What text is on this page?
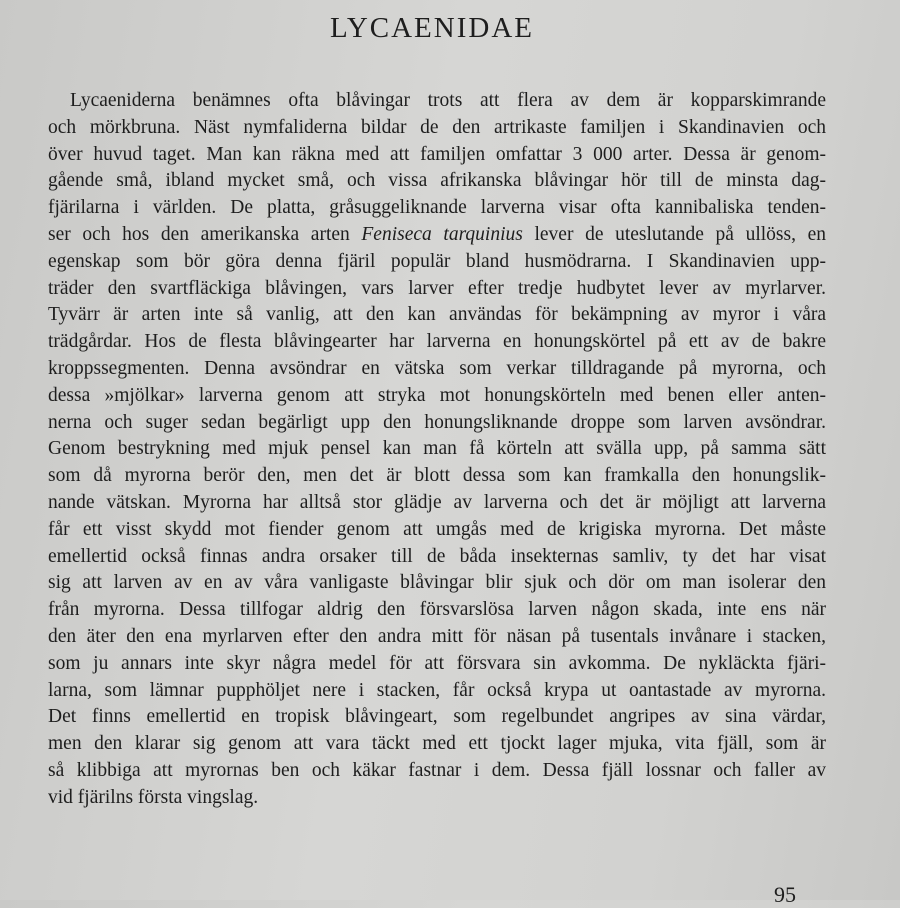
LYCAENIDAE
Lycaeniderna benämnes ofta blåvingar trots att flera av dem är kopparskimrande
och mörkbruna. Näst nymfaliderna bildar de den artrikaste familjen i Skandinavien och
över huvud taget. Man kan räkna med att familjen omfattar 3 000 arter. Dessa är genom-
gående små, ibland mycket små, och vissa afrikanska blåvingar hör till de minsta dag-
fjärilarna i världen. De platta, gråsuggeliknande larverna visar ofta kannibaliska tenden-
ser och hos den amerikanska arten Feniseca tarquinius lever de uteslutande på ullöss, en
egenskap som bör göra denna fjäril populär bland husmödrarna. I Skandinavien upp-
träder den svartfläckiga blåvingen, vars larver efter tredje hudbytet lever av myrlarver.
Tyvärr är arten inte så vanlig, att den kan användas för bekämpning av myror i våra
trädgårdar. Hos de flesta blåvingearter har larverna en honungskörtel på ett av de bakre
kroppssegmenten. Denna avsöndrar en vätska som verkar tilldragande på myrorna, och
dessa »mjölkar» larverna genom att stryka mot honungskörteln med benen eller anten-
nerna och suger sedan begärligt upp den honungsliknande droppe som larven avsöndrar.
Genom bestrykning med mjuk pensel kan man få körteln att svälla upp, på samma sätt
som då myrorna berör den, men det är blott dessa som kan framkalla den honungslik-
nande vätskan. Myrorna har alltså stor glädje av larverna och det är möjligt att larverna
får ett visst skydd mot fiender genom att umgås med de krigiska myrorna. Det måste
emellertid också finnas andra orsaker till de båda insekternas samliv, ty det har visat
sig att larven av en av våra vanligaste blåvingar blir sjuk och dör om man isolerar den
från myrorna. Dessa tillfogar aldrig den försvarslösa larven någon skada, inte ens när
den äter den ena myrlarven efter den andra mitt för näsan på tusentals invånare i stacken,
som ju annars inte skyr några medel för att försvara sin avkomma. De nykläckta fjäri-
larna, som lämnar pupphöljet nere i stacken, får också krypa ut oantastade av myrorna.
Det finns emellertid en tropisk blåvingeart, som regelbundet angripes av sina värdar,
men den klarar sig genom att vara täckt med ett tjockt lager mjuka, vita fjäll, som är
så klibbiga att myrornas ben och käkar fastnar i dem. Dessa fjäll lossnar och faller av
vid fjärilns första vingslag.
95
